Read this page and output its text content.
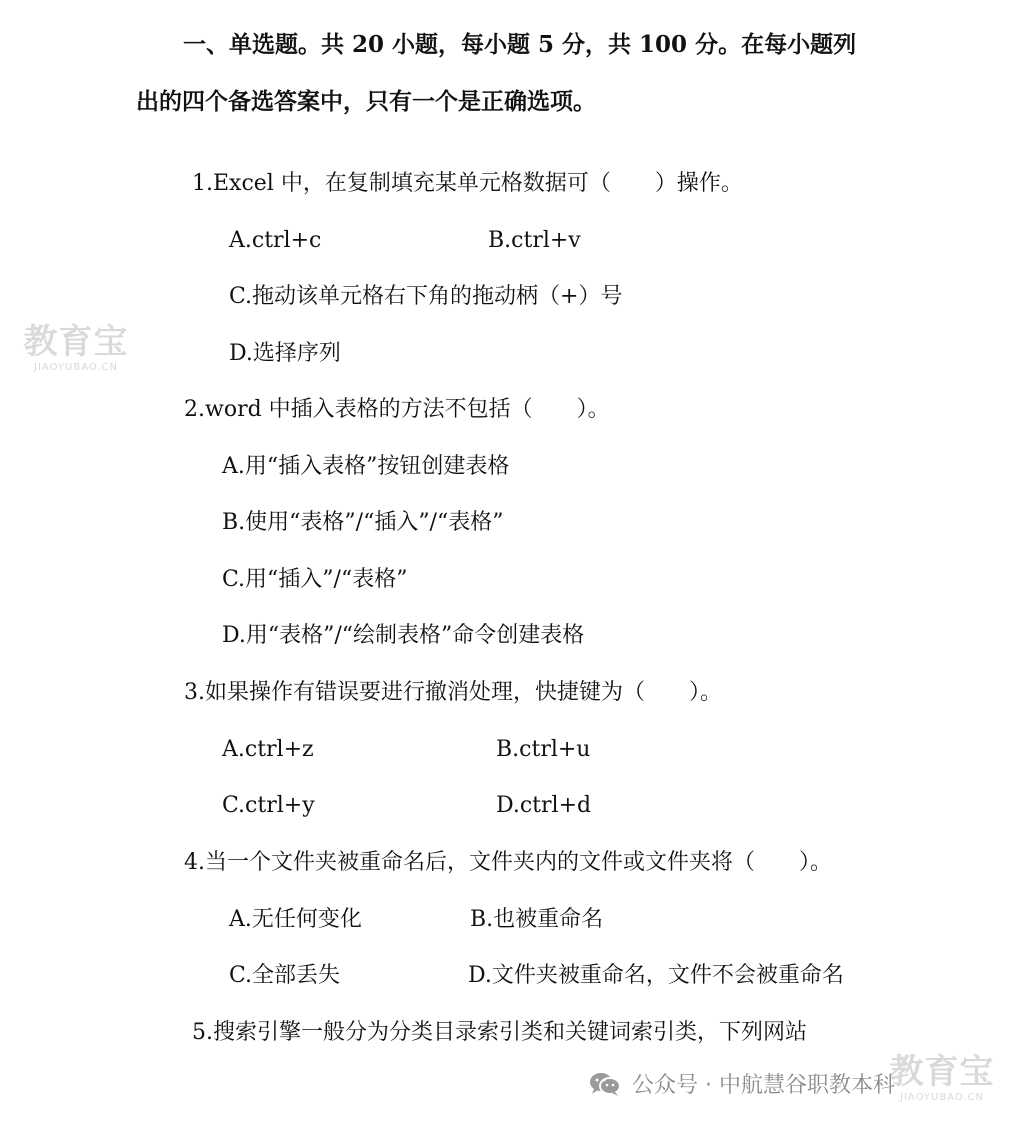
一、单选题。共 20 小题，每小题 5 分，共 100 分。在每小题列
出的四个备选答案中，只有一个是正确选项。
1.Excel 中，在复制填充某单元格数据可（　　）操作。
A.ctrl+c	B.ctrl+v
C.拖动该单元格右下角的拖动柄（+）号
D.选择序列
2.word 中插入表格的方法不包括（　　）。
A.用“插入表格”按钮创建表格
B.使用“表格”/“插入”/“表格”
C.用“插入”/“表格”
D.用“表格”/“绘制表格”命令创建表格
3.如果操作有错误要进行撤消处理，快捷键为（　　）。
A.ctrl+z	B.ctrl+u
C.ctrl+y	D.ctrl+d
4.当一个文件夹被重命名后，文件夹内的文件或文件夹将（　　）。
A.无任何变化	B.也被重命名
C.全部丢失	D.文件夹被重命名，文件不会被重命名
5.搜索引擎一般分为分类目录索引类和关键词索引类，下列网站
教育宝
JIAOYUBAO.CN
教育宝
JIAOYUBAO.CN
公众号 · 中航慧谷职教本科
